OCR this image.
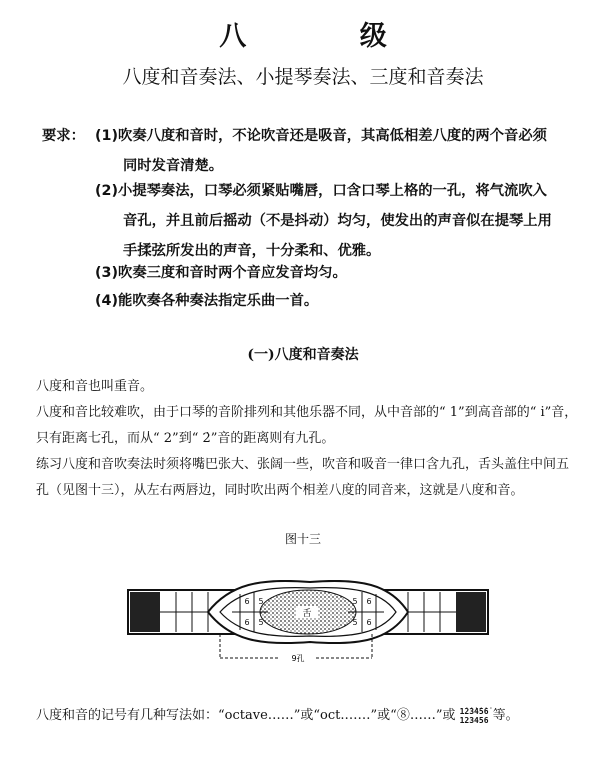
八 级
八度和音奏法、小提琴奏法、三度和音奏法
要求： (1)吹奏八度和音时，不论吹音还是吸音，其高低相差八度的两个音必须
同时发音清楚。
(2)小提琴奏法，口琴必须紧贴嘴唇，口含口琴上格的一孔，将气流吹入
音孔，并且前后摇动（不是抖动）均匀，使发出的声音似在提琴上用
手揉弦所发出的声音，十分柔和、优雅。
(3)吹奏三度和音时两个音应发音均匀。
(4)能吹奏各种奏法指定乐曲一首。
(一)八度和音奏法
八度和音也叫重音。
八度和音比较难吹，由于口琴的音阶排列和其他乐器不同，从中音部的“ 1”到高音部的“ i̇”音，只有距离七孔，而从“ 2”到“ 2̇”音的距离则有九孔。
练习八度和音吹奏法时须将嘴巴张大、张阔一些，吹音和吸音一律口含九孔，舌头盖住中间五孔（见图十三），从左右两唇边，同时吹出两个相差八度的同音来，这就是八度和音。
图十三
舌
6 5
6 5
5 6
5 6
9孔
八度和音的记号有几种写法如：“octave……”或“oct.……”或“⑧……”或 1̇2̇3̇4̇5̇6̇
123456 等。
